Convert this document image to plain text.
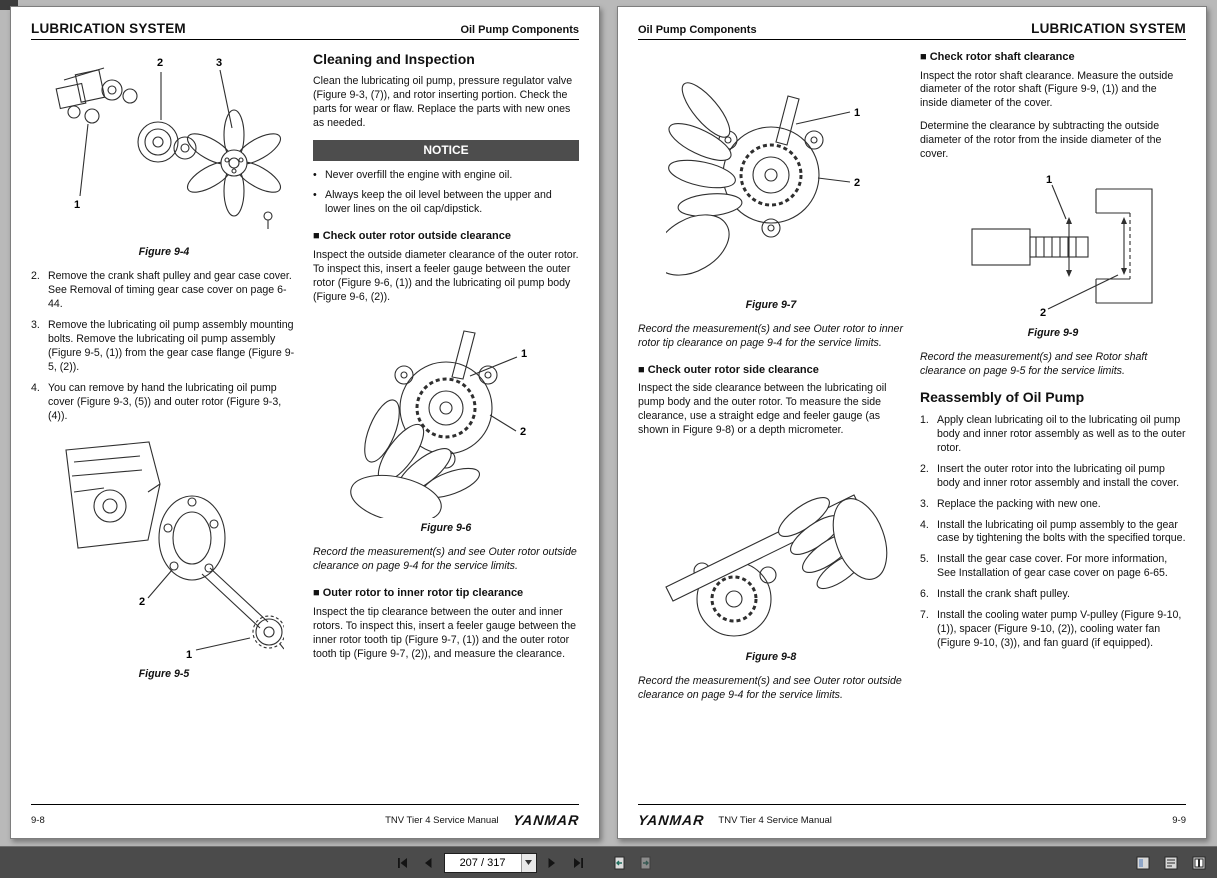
LUBRICATION SYSTEM	Oil Pump Components
2	3
1
Figure 9-4
2. Remove the crank shaft pulley and gear case cover. See Removal of timing gear case cover on page 6-44.
3. Remove the lubricating oil pump assembly mounting bolts. Remove the lubricating oil pump assembly (Figure 9-5, (1)) from the gear case flange (Figure 9-5, (2)).
4. You can remove by hand the lubricating oil pump cover (Figure 9-3, (5)) and outer rotor (Figure 9-3, (4)).
2
1
Figure 9-5
Cleaning and Inspection

Clean the lubricating oil pump, pressure regulator valve (Figure 9-3, (7)), and rotor inserting portion. Check the parts for wear or flaw. Replace the parts with new ones as needed.

NOTICE
• Never overfill the engine with engine oil.
• Always keep the oil level between the upper and lower lines on the oil cap/dipstick.
■ Check outer rotor outside clearance

Inspect the outside diameter clearance of the outer rotor. To inspect this, insert a feeler gauge between the outer rotor (Figure 9-6, (1)) and the lubricating oil pump body (Figure 9-6, (2)).

1
2
Figure 9-6

Record the measurement(s) and see Outer rotor outside clearance on page 9-4 for the service limits.

■ Outer rotor to inner rotor tip clearance

Inspect the tip clearance between the outer and inner rotors. To inspect this, insert a feeler gauge between the inner rotor tooth tip (Figure 9-7, (1)) and the outer rotor tooth tip (Figure 9-7, (2)), and measure the clearance.

9-8	TNV Tier 4 Service Manual YANMAR
Oil Pump Components	LUBRICATION SYSTEM
1
2
Figure 9-7

Record the measurement(s) and see Outer rotor to inner rotor tip clearance on page 9-4 for the service limits.

■ Check outer rotor side clearance

Inspect the side clearance between the lubricating oil pump body and the outer rotor. To measure the side clearance, use a straight edge and feeler gauge (as shown in Figure 9-8) or a depth micrometer.

Figure 9-8

Record the measurement(s) and see Outer rotor outside clearance on page 9-4 for the service limits.

■ Check rotor shaft clearance

Inspect the rotor shaft clearance. Measure the outside diameter of the rotor shaft (Figure 9-9, (1)) and the inside diameter of the cover.

Determine the clearance by subtracting the outside diameter of the rotor from the inside diameter of the cover.

1
2
Figure 9-9

Record the measurement(s) and see Rotor shaft clearance on page 9-5 for the service limits.

Reassembly of Oil Pump
1. Apply clean lubricating oil to the lubricating oil pump body and inner rotor assembly as well as to the outer rotor.
2. Insert the outer rotor into the lubricating oil pump body and inner rotor assembly and install the cover.
3. Replace the packing with new one.
4. Install the lubricating oil pump assembly to the gear case by tightening the bolts with the specified torque.
5. Install the gear case cover. For more information, See Installation of gear case cover on page 6-65.
6. Install the crank shaft pulley.
7. Install the cooling water pump V-pulley (Figure 9-10, (1)), spacer (Figure 9-10, (2)), cooling water fan (Figure 9-10, (3)), and fan guard (if equipped).
YANMAR TNV Tier 4 Service Manual	9-9
207 / 317
